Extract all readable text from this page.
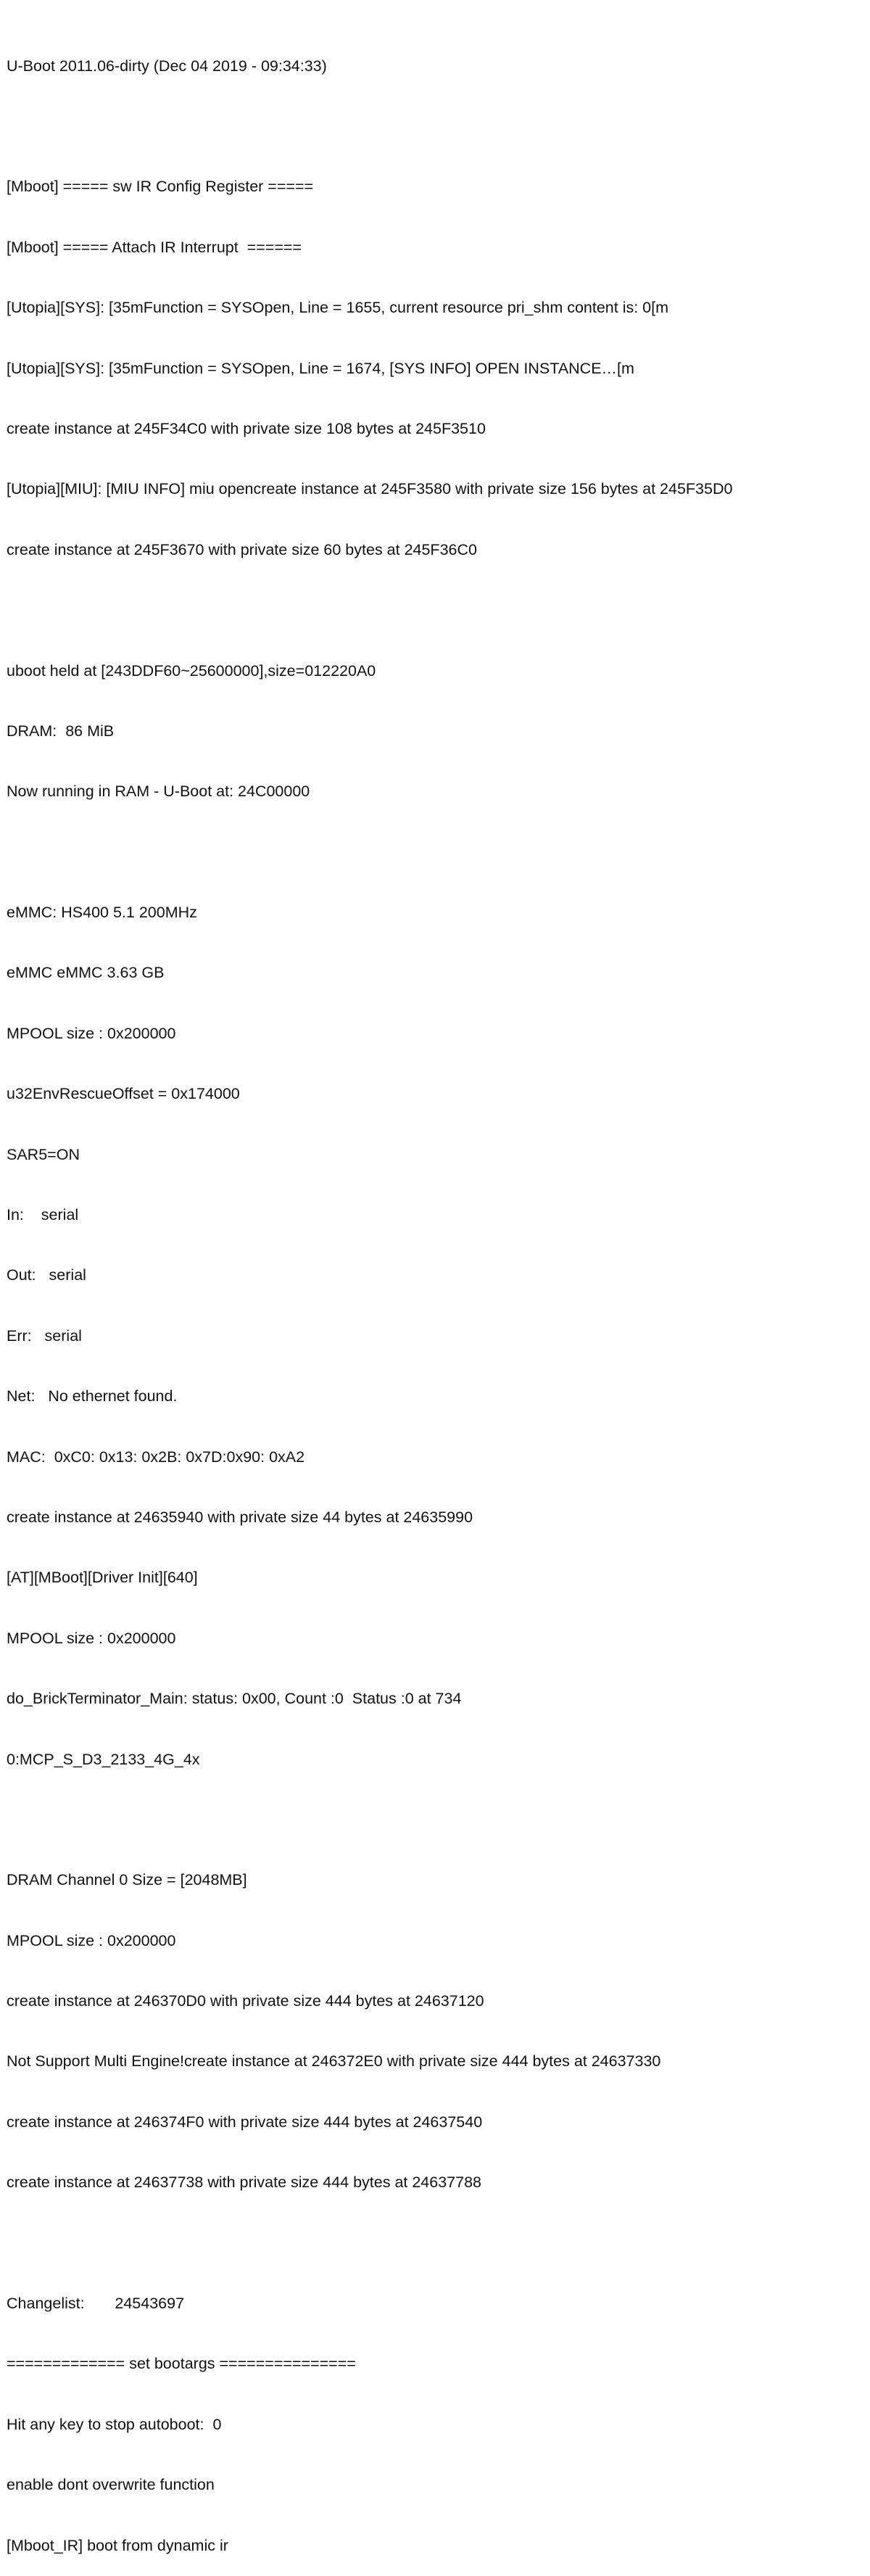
U-Boot 2011.06-dirty (Dec 04 2019 - 09:34:33)

[Mboot] ===== sw IR Config Register =====

[Mboot] ===== Attach IR Interrupt  ======

[Utopia][SYS]: [35mFunction = SYSOpen, Line = 1655, current resource pri_shm content is: 0[m

[Utopia][SYS]: [35mFunction = SYSOpen, Line = 1674, [SYS INFO] OPEN INSTANCE…[m

create instance at 245F34C0 with private size 108 bytes at 245F3510

[Utopia][MIU]: [MIU INFO] miu opencreate instance at 245F3580 with private size 156 bytes at 245F35D0

create instance at 245F3670 with private size 60 bytes at 245F36C0

uboot held at [243DDF60~25600000],size=012220A0

DRAM:  86 MiB

Now running in RAM - U-Boot at: 24C00000

eMMC: HS400 5.1 200MHz

eMMC eMMC 3.63 GB

MPOOL size : 0x200000

u32EnvRescueOffset = 0x174000

SAR5=ON

In:    serial

Out:   serial

Err:   serial

Net:   No ethernet found.

MAC:  0xC0: 0x13: 0x2B: 0x7D:0x90: 0xA2

create instance at 24635940 with private size 44 bytes at 24635990

[AT][MBoot][Driver Init][640]

MPOOL size : 0x200000

do_BrickTerminator_Main: status: 0x00, Count :0  Status :0 at 734

0:MCP_S_D3_2133_4G_4x

DRAM Channel 0 Size = [2048MB]

MPOOL size : 0x200000

create instance at 246370D0 with private size 444 bytes at 24637120

Not Support Multi Engine!create instance at 246372E0 with private size 444 bytes at 24637330

create instance at 246374F0 with private size 444 bytes at 24637540

create instance at 24637738 with private size 444 bytes at 24637788

Changelist:       24543697

============= set bootargs ===============

Hit any key to stop autoboot:  0

enable dont overwrite function

[Mboot_IR] boot from dynamic ir
